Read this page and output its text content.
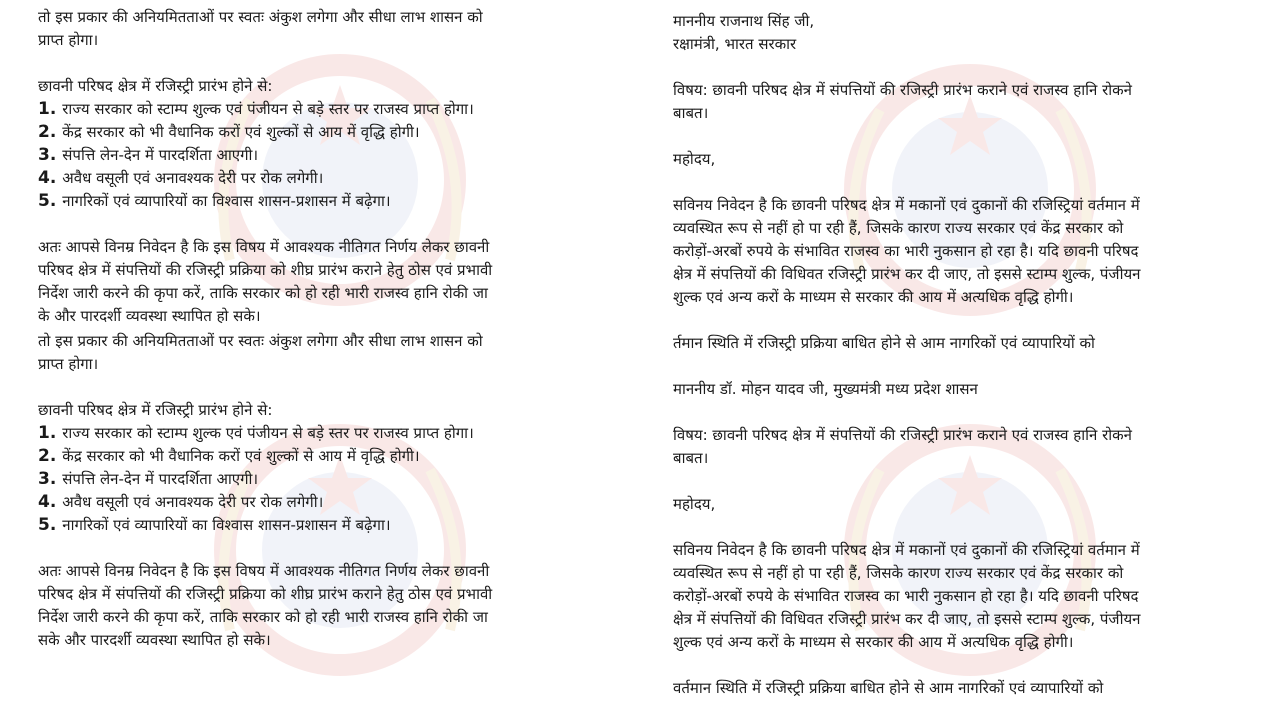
तो इस प्रकार की अनियमितताओं पर स्वतः अंकुश लगेगा और सीधा लाभ शासन को
प्राप्त होगा।
छावनी परिषद क्षेत्र में रजिस्ट्री प्रारंभ होने से:
1. राज्य सरकार को स्टाम्प शुल्क एवं पंजीयन से बड़े स्तर पर राजस्व प्राप्त होगा।
2. केंद्र सरकार को भी वैधानिक करों एवं शुल्कों से आय में वृद्धि होगी।
3. संपत्ति लेन-देन में पारदर्शिता आएगी।
4. अवैध वसूली एवं अनावश्यक देरी पर रोक लगेगी।
5. नागरिकों एवं व्यापारियों का विश्वास शासन-प्रशासन में बढ़ेगा।
अतः आपसे विनम्र निवेदन है कि इस विषय में आवश्यक नीतिगत निर्णय लेकर छावनी
परिषद क्षेत्र में संपत्तियों की रजिस्ट्री प्रक्रिया को शीघ्र प्रारंभ कराने हेतु ठोस एवं प्रभावी
निर्देश जारी करने की कृपा करें, ताकि सरकार को हो रही भारी राजस्व हानि रोकी जा
के और पारदर्शी व्यवस्था स्थापित हो सके।
तो इस प्रकार की अनियमितताओं पर स्वतः अंकुश लगेगा और सीधा लाभ शासन को
प्राप्त होगा।
छावनी परिषद क्षेत्र में रजिस्ट्री प्रारंभ होने से:
1. राज्य सरकार को स्टाम्प शुल्क एवं पंजीयन से बड़े स्तर पर राजस्व प्राप्त होगा।
2. केंद्र सरकार को भी वैधानिक करों एवं शुल्कों से आय में वृद्धि होगी।
3. संपत्ति लेन-देन में पारदर्शिता आएगी।
4. अवैध वसूली एवं अनावश्यक देरी पर रोक लगेगी।
5. नागरिकों एवं व्यापारियों का विश्वास शासन-प्रशासन में बढ़ेगा।
अतः आपसे विनम्र निवेदन है कि इस विषय में आवश्यक नीतिगत निर्णय लेकर छावनी
परिषद क्षेत्र में संपत्तियों की रजिस्ट्री प्रक्रिया को शीघ्र प्रारंभ कराने हेतु ठोस एवं प्रभावी
निर्देश जारी करने की कृपा करें, ताकि सरकार को हो रही भारी राजस्व हानि रोकी जा
सके और पारदर्शी व्यवस्था स्थापित हो सके।
माननीय राजनाथ सिंह जी,
रक्षामंत्री, भारत सरकार
विषय: छावनी परिषद क्षेत्र में संपत्तियों की रजिस्ट्री प्रारंभ कराने एवं राजस्व हानि रोकने
बाबत।
महोदय,
सविनय निवेदन है कि छावनी परिषद क्षेत्र में मकानों एवं दुकानों की रजिस्ट्रियां वर्तमान में
व्यवस्थित रूप से नहीं हो पा रही हैं, जिसके कारण राज्य सरकार एवं केंद्र सरकार को
करोड़ों-अरबों रुपये के संभावित राजस्व का भारी नुकसान हो रहा है। यदि छावनी परिषद
क्षेत्र में संपत्तियों की विधिवत रजिस्ट्री प्रारंभ कर दी जाए, तो इससे स्टाम्प शुल्क, पंजीयन
शुल्क एवं अन्य करों के माध्यम से सरकार की आय में अत्यधिक वृद्धि होगी।
र्तमान स्थिति में रजिस्ट्री प्रक्रिया बाधित होने से आम नागरिकों एवं व्यापारियों को
माननीय डॉ. मोहन यादव जी, मुख्यमंत्री मध्य प्रदेश शासन
विषय: छावनी परिषद क्षेत्र में संपत्तियों की रजिस्ट्री प्रारंभ कराने एवं राजस्व हानि रोकने
बाबत।
महोदय,
सविनय निवेदन है कि छावनी परिषद क्षेत्र में मकानों एवं दुकानों की रजिस्ट्रियां वर्तमान में
व्यवस्थित रूप से नहीं हो पा रही हैं, जिसके कारण राज्य सरकार एवं केंद्र सरकार को
करोड़ों-अरबों रुपये के संभावित राजस्व का भारी नुकसान हो रहा है। यदि छावनी परिषद
क्षेत्र में संपत्तियों की विधिवत रजिस्ट्री प्रारंभ कर दी जाए, तो इससे स्टाम्प शुल्क, पंजीयन
शुल्क एवं अन्य करों के माध्यम से सरकार की आय में अत्यधिक वृद्धि होगी।
वर्तमान स्थिति में रजिस्ट्री प्रक्रिया बाधित होने से आम नागरिकों एवं व्यापारियों को
